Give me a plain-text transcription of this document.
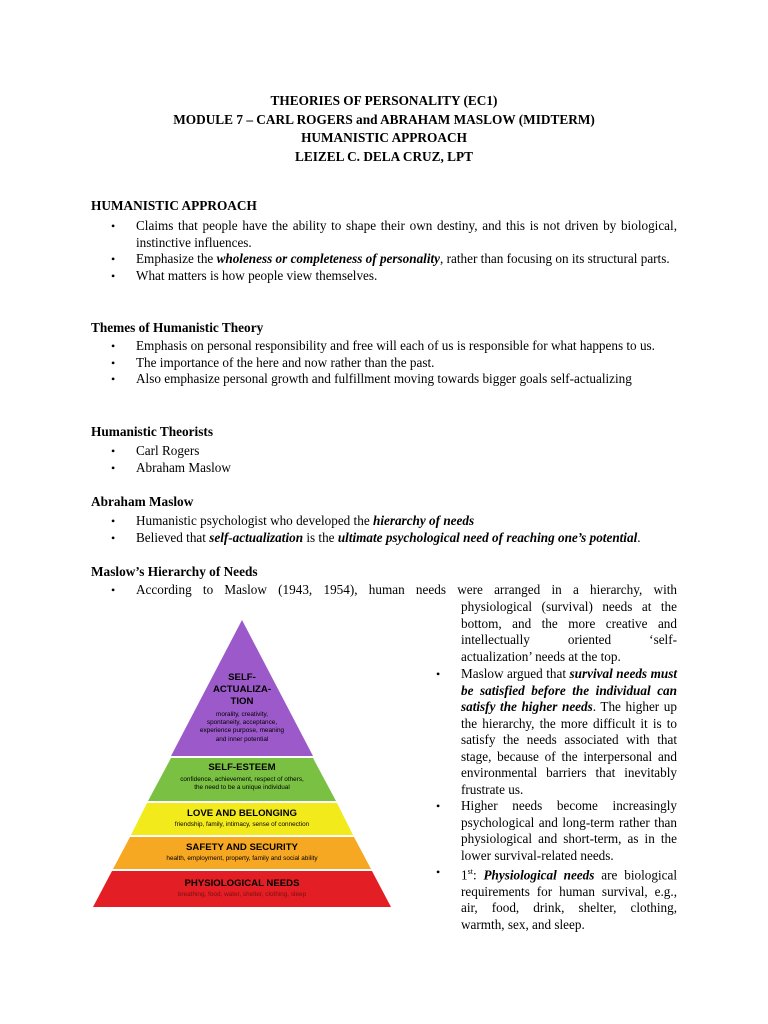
THEORIES OF PERSONALITY (EC1)
MODULE 7 – CARL ROGERS and ABRAHAM MASLOW (MIDTERM)
HUMANISTIC APPROACH
LEIZEL C. DELA CRUZ, LPT
HUMANISTIC APPROACH
• Claims that people have the ability to shape their own destiny, and this is not driven by biological, instinctive influences.
• Emphasize the wholeness or completeness of personality, rather than focusing on its structural parts.
• What matters is how people view themselves.
Themes of Humanistic Theory
• Emphasis on personal responsibility and free will each of us is responsible for what happens to us.
• The importance of the here and now rather than the past.
• Also emphasize personal growth and fulfillment moving towards bigger goals self-actualizing
Humanistic Theorists
• Carl Rogers
• Abraham Maslow
Abraham Maslow
• Humanistic psychologist who developed the hierarchy of needs
• Believed that self-actualization is the ultimate psychological need of reaching one’s potential.
Maslow’s Hierarchy of Needs
• According to Maslow (1943, 1954), human needs were arranged in a hierarchy, with
physiological (survival) needs at the bottom, and the more creative and intellectually oriented ‘self-actualization’ needs at the top.
• Maslow argued that survival needs must be satisfied before the individual can satisfy the higher needs. The higher up the hierarchy, the more difficult it is to satisfy the needs associated with that stage, because of the interpersonal and environmental barriers that inevitably frustrate us.
• Higher needs become increasingly psychological and long-term rather than physiological and short-term, as in the lower survival-related needs.
• 1st: Physiological needs are biological requirements for human survival, e.g., air, food, drink, shelter, clothing, warmth, sex, and sleep.
SELF-
ACTUALIZA-
TION
morality, creativity,
spontaneity, acceptance,
experience purpose, meaning
and inner potential
SELF-ESTEEM
confidence, achievement, respect of others,
the need to be a unique individual
LOVE AND BELONGING
friendship, family, intimacy, sense of connection
SAFETY AND SECURITY
health, employment, property, family and social ability
PHYSIOLOGICAL NEEDS
breathing, food, water, shelter, clothing, sleep
